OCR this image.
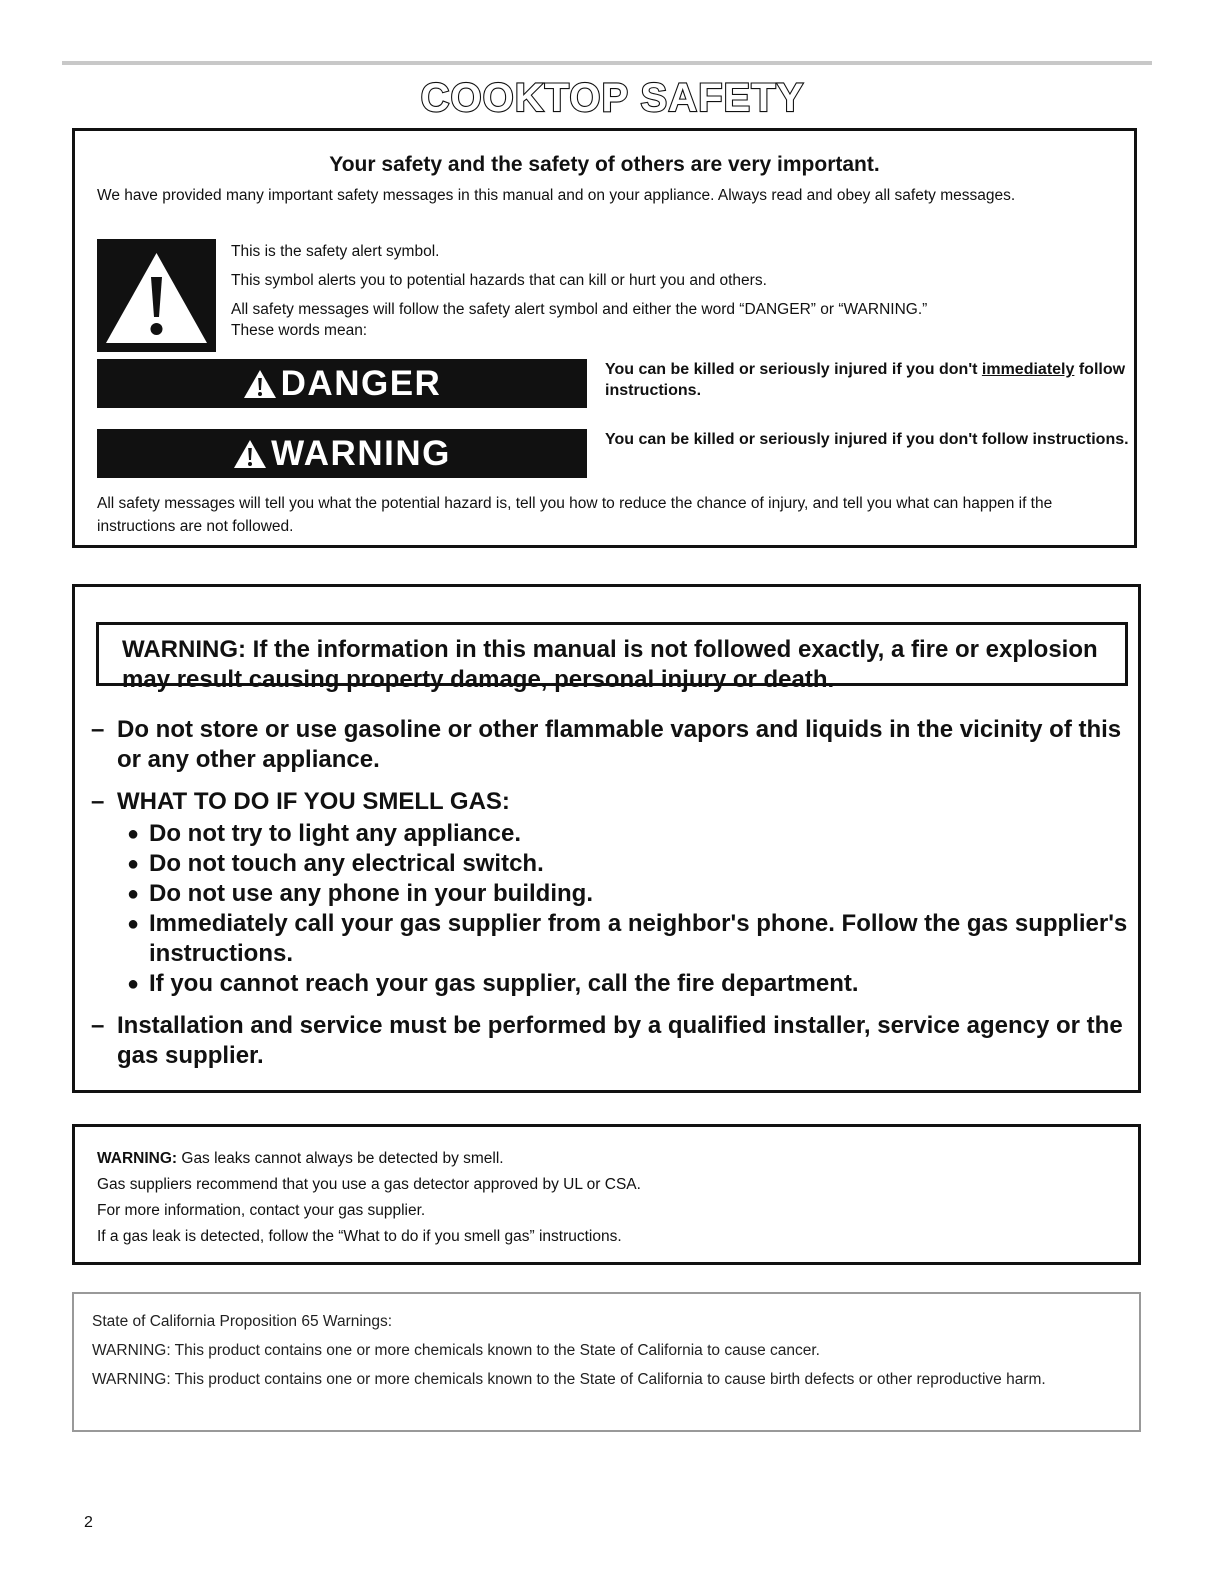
COOKTOP SAFETY
Your safety and the safety of others are very important.
We have provided many important safety messages in this manual and on your appliance. Always read and obey all safety messages.
This is the safety alert symbol.
This symbol alerts you to potential hazards that can kill or hurt you and others.
All safety messages will follow the safety alert symbol and either the word “DANGER” or “WARNING.”
These words mean:
DANGER	You can be killed or seriously injured if you don't immediately follow instructions.
WARNING	You can be killed or seriously injured if you don't follow instructions.
All safety messages will tell you what the potential hazard is, tell you how to reduce the chance of injury, and tell you what can happen if the instructions are not followed.
WARNING: If the information in this manual is not followed exactly, a fire or explosion may result causing property damage, personal injury or death.
– Do not store or use gasoline or other flammable vapors and liquids in the vicinity of this or any other appliance.
– WHAT TO DO IF YOU SMELL GAS:
● Do not try to light any appliance.
● Do not touch any electrical switch.
● Do not use any phone in your building.
● Immediately call your gas supplier from a neighbor's phone. Follow the gas supplier's instructions.
● If you cannot reach your gas supplier, call the fire department.
– Installation and service must be performed by a qualified installer, service agency or the gas supplier.
WARNING: Gas leaks cannot always be detected by smell.
Gas suppliers recommend that you use a gas detector approved by UL or CSA.
For more information, contact your gas supplier.
If a gas leak is detected, follow the “What to do if you smell gas” instructions.
State of California Proposition 65 Warnings:
WARNING: This product contains one or more chemicals known to the State of California to cause cancer.
WARNING: This product contains one or more chemicals known to the State of California to cause birth defects or other reproductive harm.
2
